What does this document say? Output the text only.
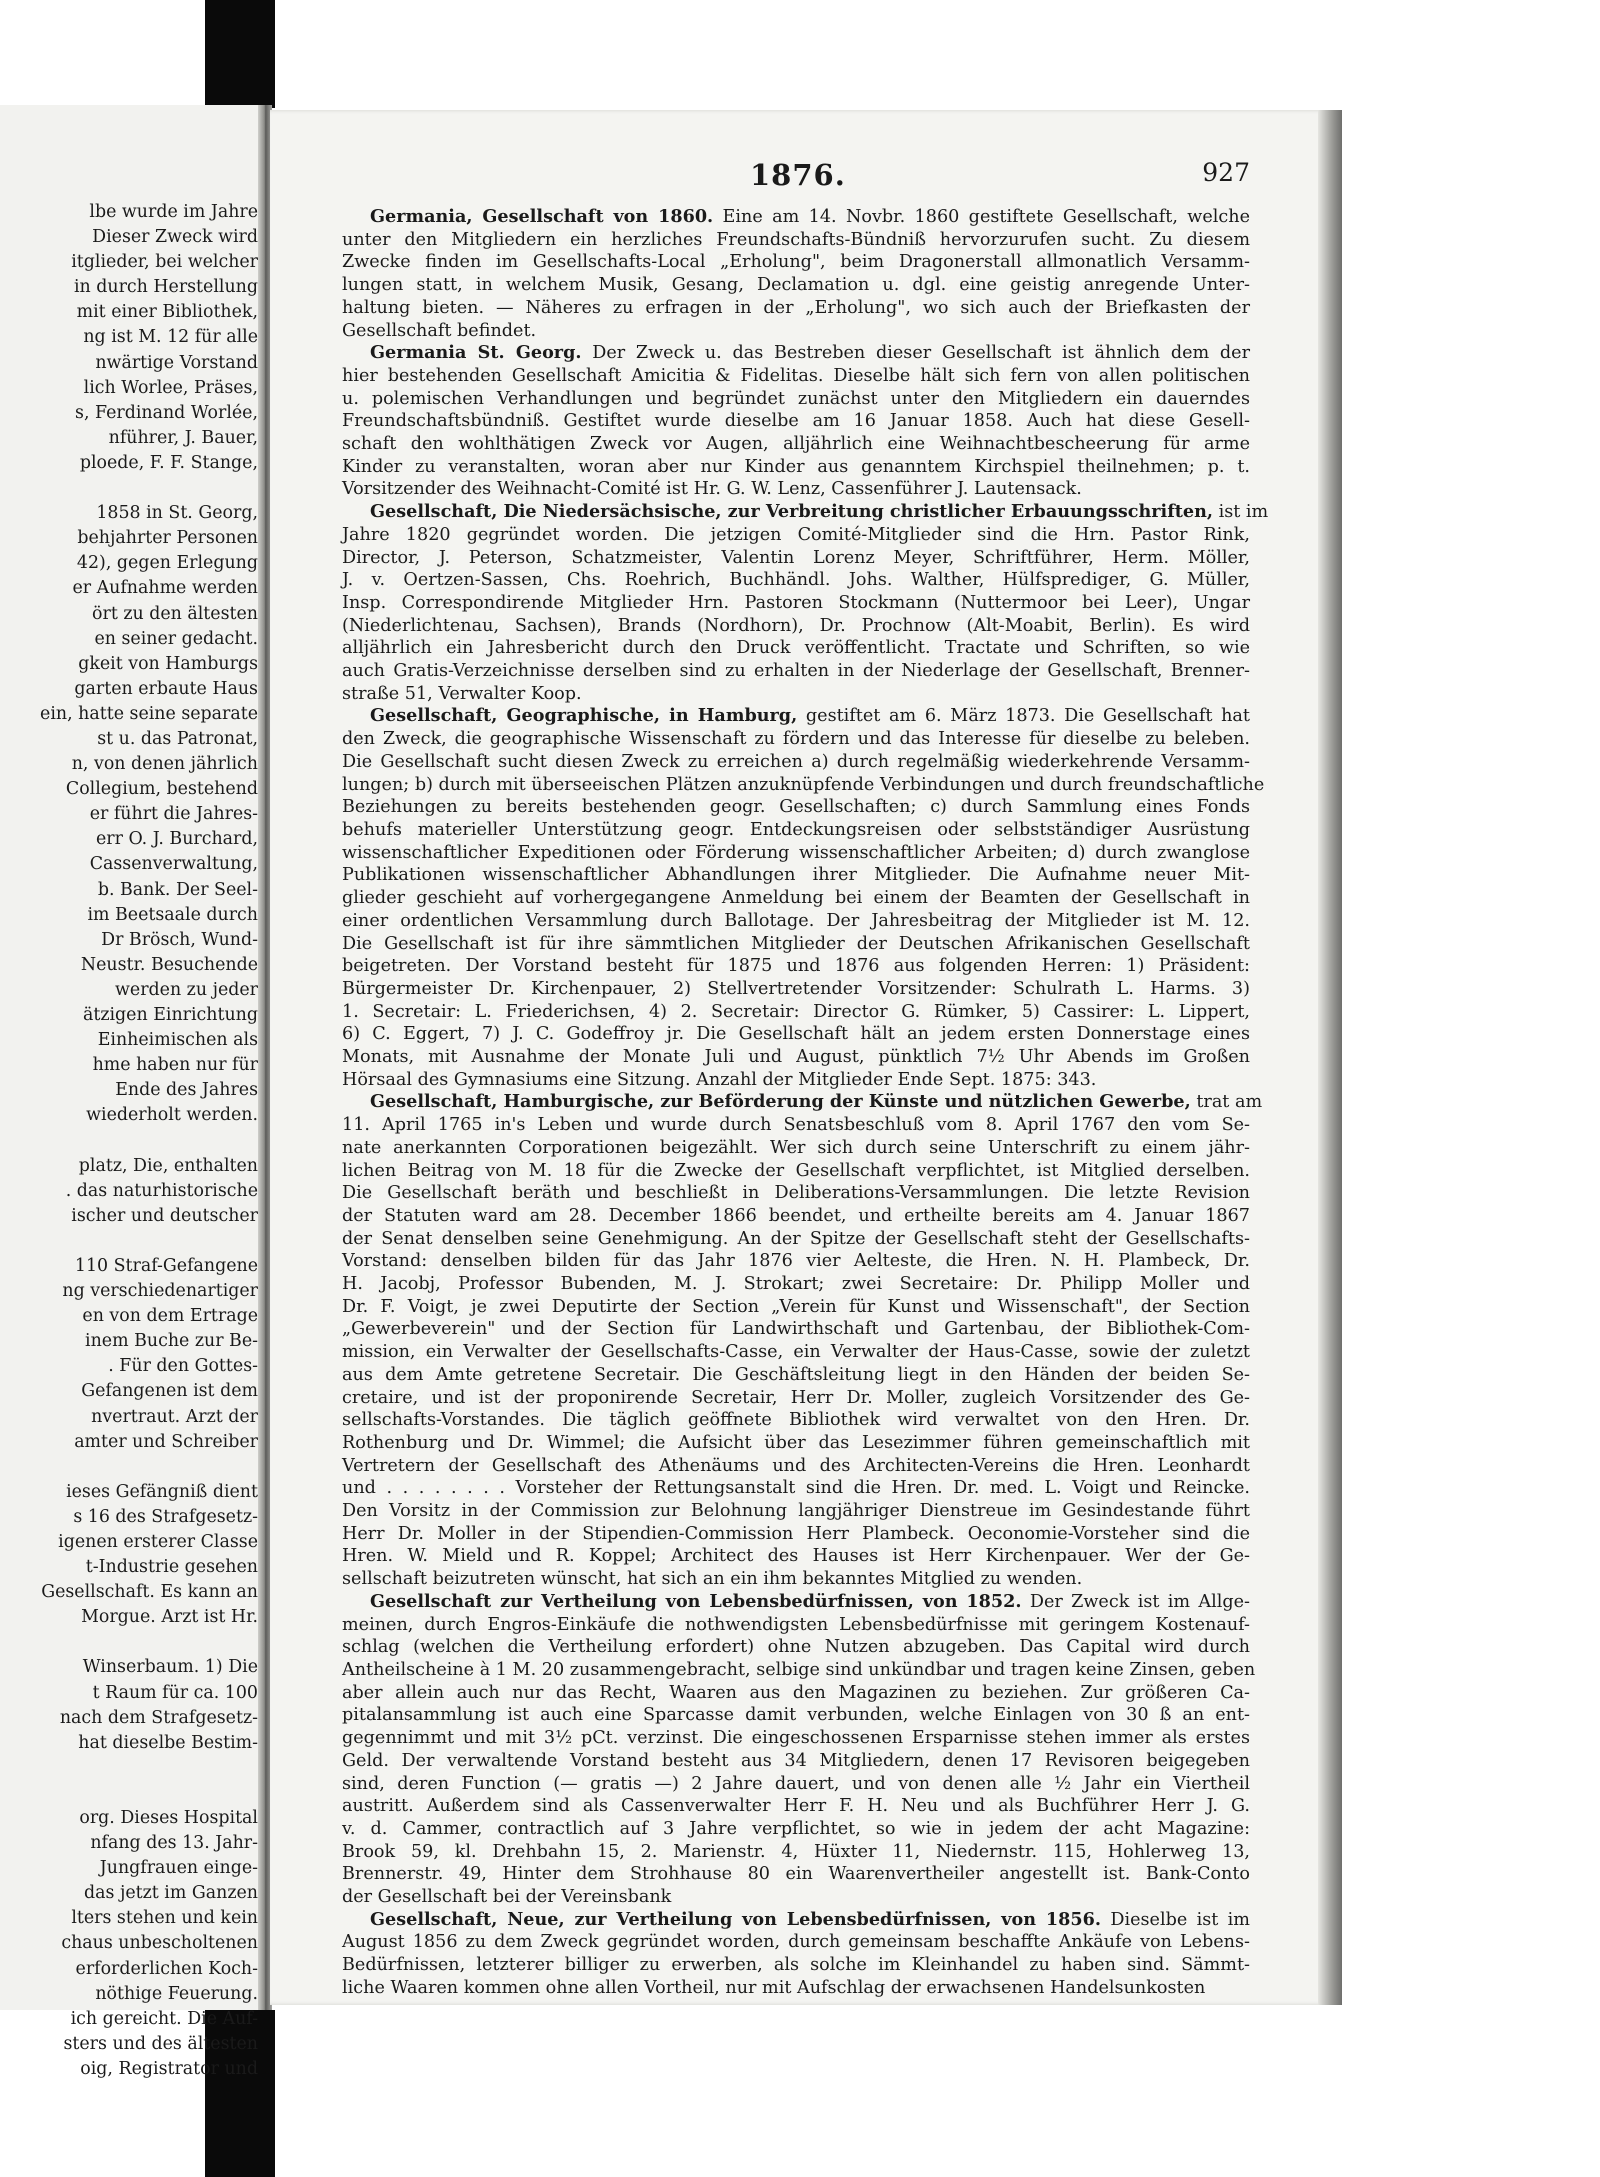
lbe wurde im Jahre
Dieser Zweck wird
itglieder, bei welcher
in durch Herstellung
mit einer Bibliothek,
ng ist M. 12 für alle
nwärtige Vorstand
lich Worlee, Präses,
s, Ferdinand Worlée,
nführer, J. Bauer,
ploede, F. F. Stange,
1858 in St. Georg,
behjahrter Personen
42), gegen Erlegung
er Aufnahme werden
ört zu den ältesten
en seiner gedacht.
gkeit von Hamburgs
garten erbaute Haus
ein, hatte seine separate
st u. das Patronat,
n, von denen jährlich
Collegium, bestehend
er führt die Jahres-
err O. J. Burchard,
Cassenverwaltung,
b. Bank. Der Seel-
im Beetsaale durch
Dr Brösch, Wund-
Neustr. Besuchende
werden zu jeder
ätzigen Einrichtung
Einheimischen als
hme haben nur für
Ende des Jahres
wiederholt werden.
platz, Die, enthalten
. das naturhistorische
ischer und deutscher
110 Straf-Gefangene
ng verschiedenartiger
en von dem Ertrage
inem Buche zur Be-
. Für den Gottes-
Gefangenen ist dem
nvertraut. Arzt der
amter und Schreiber
ieses Gefängniß dient
s 16 des Strafgesetz-
igenen ersterer Classe
t-Industrie gesehen
Gesellschaft. Es kann an
Morgue. Arzt ist Hr.
Winserbaum. 1) Die
t Raum für ca. 100
nach dem Strafgesetz-
hat dieselbe Bestim-
org. Dieses Hospital
nfang des 13. Jahr-
Jungfrauen einge-
das jetzt im Ganzen
lters stehen und kein
chaus unbescholtenen
erforderlichen Koch-
nöthige Feuerung.
ich gereicht. Die Auf-
sters und des ältesten
oig, Registrator und
1876.	927
Germania, Gesellschaft von 1860. Eine am 14. Novbr. 1860 gestiftete Gesellschaft, welche
unter den Mitgliedern ein herzliches Freundschafts-Bündniß hervorzurufen sucht. Zu diesem
Zwecke finden im Gesellschafts-Local „Erholung", beim Dragonerstall allmonatlich Versamm-
lungen statt, in welchem Musik, Gesang, Declamation u. dgl. eine geistig anregende Unter-
haltung bieten. — Näheres zu erfragen in der „Erholung", wo sich auch der Briefkasten der
Gesellschaft befindet.
Germania St. Georg. Der Zweck u. das Bestreben dieser Gesellschaft ist ähnlich dem der
hier bestehenden Gesellschaft Amicitia & Fidelitas. Dieselbe hält sich fern von allen politischen
u. polemischen Verhandlungen und begründet zunächst unter den Mitgliedern ein dauerndes
Freundschaftsbündniß. Gestiftet wurde dieselbe am 16 Januar 1858. Auch hat diese Gesell-
schaft den wohlthätigen Zweck vor Augen, alljährlich eine Weihnachtbescheerung für arme
Kinder zu veranstalten, woran aber nur Kinder aus genanntem Kirchspiel theilnehmen; p. t.
Vorsitzender des Weihnacht-Comité ist Hr. G. W. Lenz, Cassenführer J. Lautensack.
Gesellschaft, Die Niedersächsische, zur Verbreitung christlicher Erbauungsschriften, ist im
Jahre 1820 gegründet worden. Die jetzigen Comité-Mitglieder sind die Hrn. Pastor Rink,
Director, J. Peterson, Schatzmeister, Valentin Lorenz Meyer, Schriftführer, Herm. Möller,
J. v. Oertzen-Sassen, Chs. Roehrich, Buchhändl. Johs. Walther, Hülfsprediger, G. Müller,
Insp. Correspondirende Mitglieder Hrn. Pastoren Stockmann (Nuttermoor bei Leer), Ungar
(Niederlichtenau, Sachsen), Brands (Nordhorn), Dr. Prochnow (Alt-Moabit, Berlin). Es wird
alljährlich ein Jahresbericht durch den Druck veröffentlicht. Tractate und Schriften, so wie
auch Gratis-Verzeichnisse derselben sind zu erhalten in der Niederlage der Gesellschaft, Brenner-
straße 51, Verwalter Koop.
Gesellschaft, Geographische, in Hamburg, gestiftet am 6. März 1873. Die Gesellschaft hat
den Zweck, die geographische Wissenschaft zu fördern und das Interesse für dieselbe zu beleben.
Die Gesellschaft sucht diesen Zweck zu erreichen a) durch regelmäßig wiederkehrende Versamm-
lungen; b) durch mit überseeischen Plätzen anzuknüpfende Verbindungen und durch freundschaftliche
Beziehungen zu bereits bestehenden geogr. Gesellschaften; c) durch Sammlung eines Fonds
behufs materieller Unterstützung geogr. Entdeckungsreisen oder selbstständiger Ausrüstung
wissenschaftlicher Expeditionen oder Förderung wissenschaftlicher Arbeiten; d) durch zwanglose
Publikationen wissenschaftlicher Abhandlungen ihrer Mitglieder. Die Aufnahme neuer Mit-
glieder geschieht auf vorhergegangene Anmeldung bei einem der Beamten der Gesellschaft in
einer ordentlichen Versammlung durch Ballotage. Der Jahresbeitrag der Mitglieder ist M. 12.
Die Gesellschaft ist für ihre sämmtlichen Mitglieder der Deutschen Afrikanischen Gesellschaft
beigetreten. Der Vorstand besteht für 1875 und 1876 aus folgenden Herren: 1) Präsident:
Bürgermeister Dr. Kirchenpauer, 2) Stellvertretender Vorsitzender: Schulrath L. Harms. 3)
1. Secretair: L. Friederichsen, 4) 2. Secretair: Director G. Rümker, 5) Cassirer: L. Lippert,
6) C. Eggert, 7) J. C. Godeffroy jr. Die Gesellschaft hält an jedem ersten Donnerstage eines
Monats, mit Ausnahme der Monate Juli und August, pünktlich 7½ Uhr Abends im Großen
Hörsaal des Gymnasiums eine Sitzung. Anzahl der Mitglieder Ende Sept. 1875: 343.
Gesellschaft, Hamburgische, zur Beförderung der Künste und nützlichen Gewerbe, trat am
11. April 1765 in's Leben und wurde durch Senatsbeschluß vom 8. April 1767 den vom Se-
nate anerkannten Corporationen beigezählt. Wer sich durch seine Unterschrift zu einem jähr-
lichen Beitrag von M. 18 für die Zwecke der Gesellschaft verpflichtet, ist Mitglied derselben.
Die Gesellschaft beräth und beschließt in Deliberations-Versammlungen. Die letzte Revision
der Statuten ward am 28. December 1866 beendet, und ertheilte bereits am 4. Januar 1867
der Senat denselben seine Genehmigung. An der Spitze der Gesellschaft steht der Gesellschafts-
Vorstand: denselben bilden für das Jahr 1876 vier Aelteste, die Hren. N. H. Plambeck, Dr.
H. Jacobj, Professor Bubenden, M. J. Strokart; zwei Secretaire: Dr. Philipp Moller und
Dr. F. Voigt, je zwei Deputirte der Section „Verein für Kunst und Wissenschaft", der Section
„Gewerbeverein" und der Section für Landwirthschaft und Gartenbau, der Bibliothek-Com-
mission, ein Verwalter der Gesellschafts-Casse, ein Verwalter der Haus-Casse, sowie der zuletzt
aus dem Amte getretene Secretair. Die Geschäftsleitung liegt in den Händen der beiden Se-
cretaire, und ist der proponirende Secretair, Herr Dr. Moller, zugleich Vorsitzender des Ge-
sellschafts-Vorstandes. Die täglich geöffnete Bibliothek wird verwaltet von den Hren. Dr.
Rothenburg und Dr. Wimmel; die Aufsicht über das Lesezimmer führen gemeinschaftlich mit
Vertretern der Gesellschaft des Athenäums und des Architecten-Vereins die Hren. Leonhardt
und . . . . . . . . Vorsteher der Rettungsanstalt sind die Hren. Dr. med. L. Voigt und Reincke.
Den Vorsitz in der Commission zur Belohnung langjähriger Dienstreue im Gesindestande führt
Herr Dr. Moller in der Stipendien-Commission Herr Plambeck. Oeconomie-Vorsteher sind die
Hren. W. Mield und R. Koppel; Architect des Hauses ist Herr Kirchenpauer. Wer der Ge-
sellschaft beizutreten wünscht, hat sich an ein ihm bekanntes Mitglied zu wenden.
Gesellschaft zur Vertheilung von Lebensbedürfnissen, von 1852. Der Zweck ist im Allge-
meinen, durch Engros-Einkäufe die nothwendigsten Lebensbedürfnisse mit geringem Kostenauf-
schlag (welchen die Vertheilung erfordert) ohne Nutzen abzugeben. Das Capital wird durch
Antheilscheine à 1 M. 20 zusammengebracht, selbige sind unkündbar und tragen keine Zinsen, geben
aber allein auch nur das Recht, Waaren aus den Magazinen zu beziehen. Zur größeren Ca-
pitalansammlung ist auch eine Sparcasse damit verbunden, welche Einlagen von 30 ß an ent-
gegennimmt und mit 3½ pCt. verzinst. Die eingeschossenen Ersparnisse stehen immer als erstes
Geld. Der verwaltende Vorstand besteht aus 34 Mitgliedern, denen 17 Revisoren beigegeben
sind, deren Function (— gratis —) 2 Jahre dauert, und von denen alle ½ Jahr ein Viertheil
austritt. Außerdem sind als Cassenverwalter Herr F. H. Neu und als Buchführer Herr J. G.
v. d. Cammer, contractlich auf 3 Jahre verpflichtet, so wie in jedem der acht Magazine:
Brook 59, kl. Drehbahn 15, 2. Marienstr. 4, Hüxter 11, Niedernstr. 115, Hohlerweg 13,
Brennerstr. 49, Hinter dem Strohhause 80 ein Waarenvertheiler angestellt ist. Bank-Conto
der Gesellschaft bei der Vereinsbank
Gesellschaft, Neue, zur Vertheilung von Lebensbedürfnissen, von 1856. Dieselbe ist im
August 1856 zu dem Zweck gegründet worden, durch gemeinsam beschaffte Ankäufe von Lebens-
Bedürfnissen, letzterer billiger zu erwerben, als solche im Kleinhandel zu haben sind. Sämmt-
liche Waaren kommen ohne allen Vortheil, nur mit Aufschlag der erwachsenen Handelsunkosten
